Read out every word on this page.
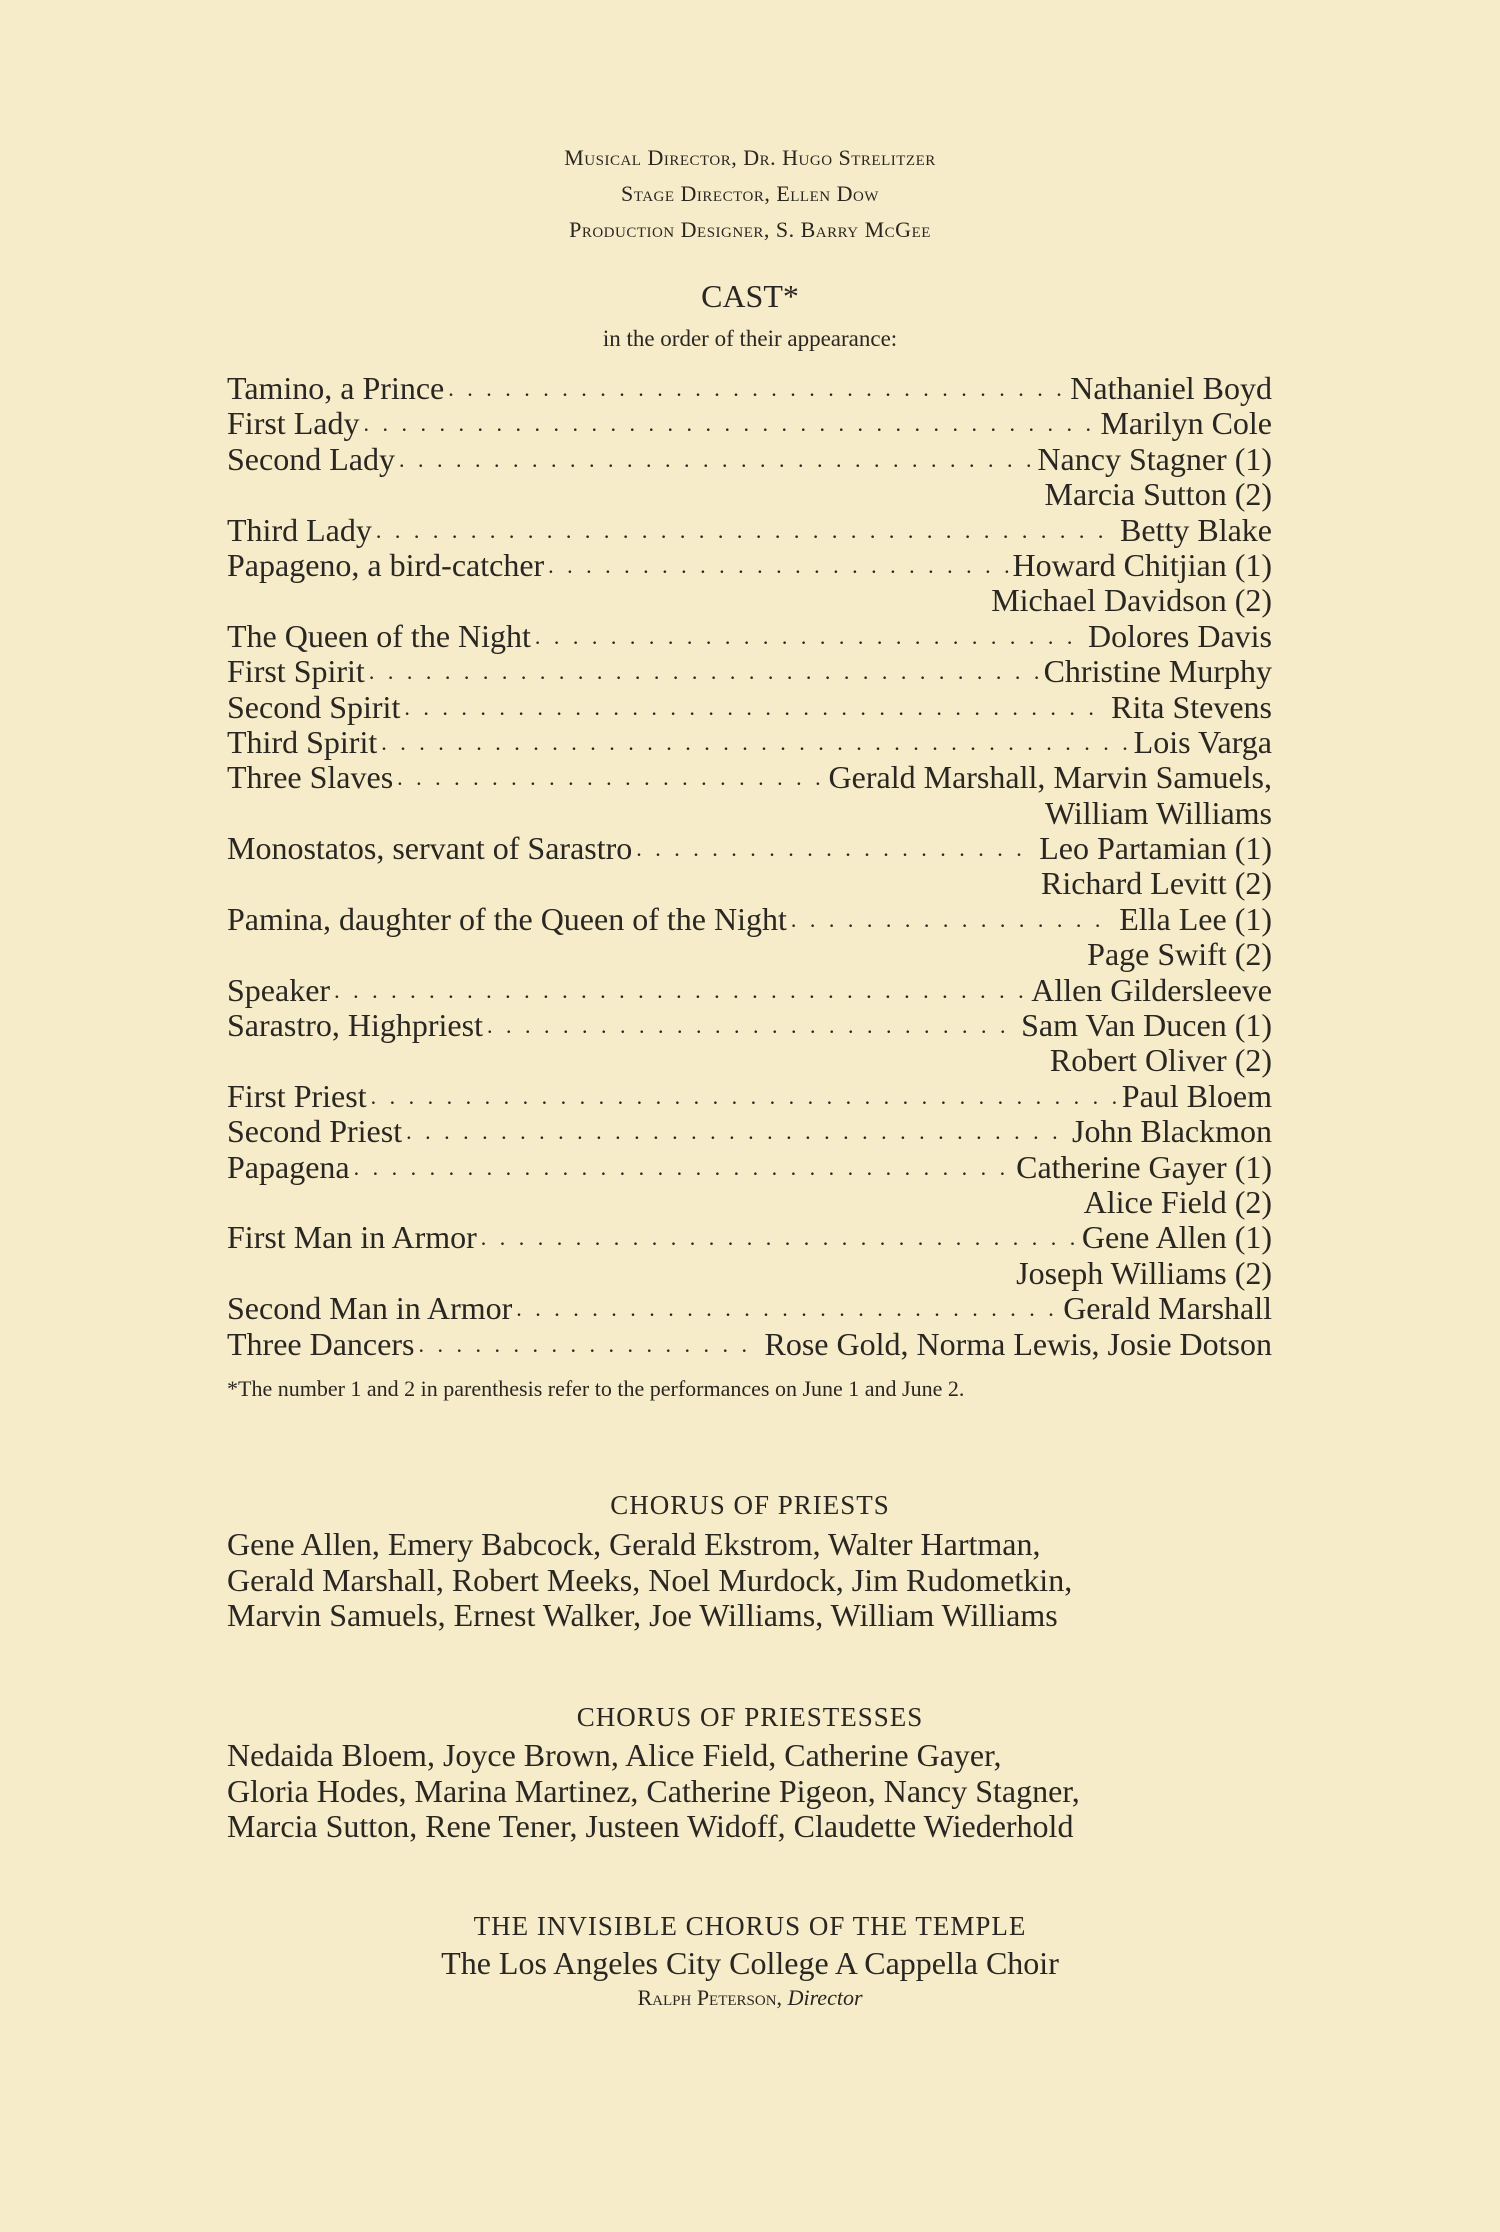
Musical Director, Dr. Hugo Strelitzer
Stage Director, Ellen Dow
Production Designer, S. Barry McGee
CAST*
in the order of their appearance:
Tamino, a Prince . . .	Nathaniel Boyd
First Lady . . .	Marilyn Cole
Second Lady . . .	Nancy Stagner (1)
Marcia Sutton (2)
Third Lady . . .	Betty Blake
Papageno, a bird-catcher . . .	Howard Chitjian (1)
Michael Davidson (2)
The Queen of the Night . . .	Dolores Davis
First Spirit . . .	Christine Murphy
Second Spirit . . .	Rita Stevens
Third Spirit . . .	Lois Varga
Three Slaves . . .	Gerald Marshall, Marvin Samuels,
William Williams
Monostatos, servant of Sarastro . . .	Leo Partamian (1)
Richard Levitt (2)
Pamina, daughter of the Queen of the Night . . .	Ella Lee (1)
Page Swift (2)
Speaker . . .	Allen Gildersleeve
Sarastro, Highpriest . . .	Sam Van Ducen (1)
Robert Oliver (2)
First Priest . . .	Paul Bloem
Second Priest . . .	John Blackmon
Papagena . . .	Catherine Gayer (1)
Alice Field (2)
First Man in Armor . . .	Gene Allen (1)
Joseph Williams (2)
Second Man in Armor . . .	Gerald Marshall
Three Dancers . . .	Rose Gold, Norma Lewis, Josie Dotson
*The number 1 and 2 in parenthesis refer to the performances on June 1 and June 2.
CHORUS OF PRIESTS
Gene Allen, Emery Babcock, Gerald Ekstrom, Walter Hartman,
Gerald Marshall, Robert Meeks, Noel Murdock, Jim Rudometkin,
Marvin Samuels, Ernest Walker, Joe Williams, William Williams
CHORUS OF PRIESTESSES
Nedaida Bloem, Joyce Brown, Alice Field, Catherine Gayer,
Gloria Hodes, Marina Martinez, Catherine Pigeon, Nancy Stagner,
Marcia Sutton, Rene Tener, Justeen Widoff, Claudette Wiederhold
THE INVISIBLE CHORUS OF THE TEMPLE
The Los Angeles City College A Cappella Choir
Ralph Peterson, Director
